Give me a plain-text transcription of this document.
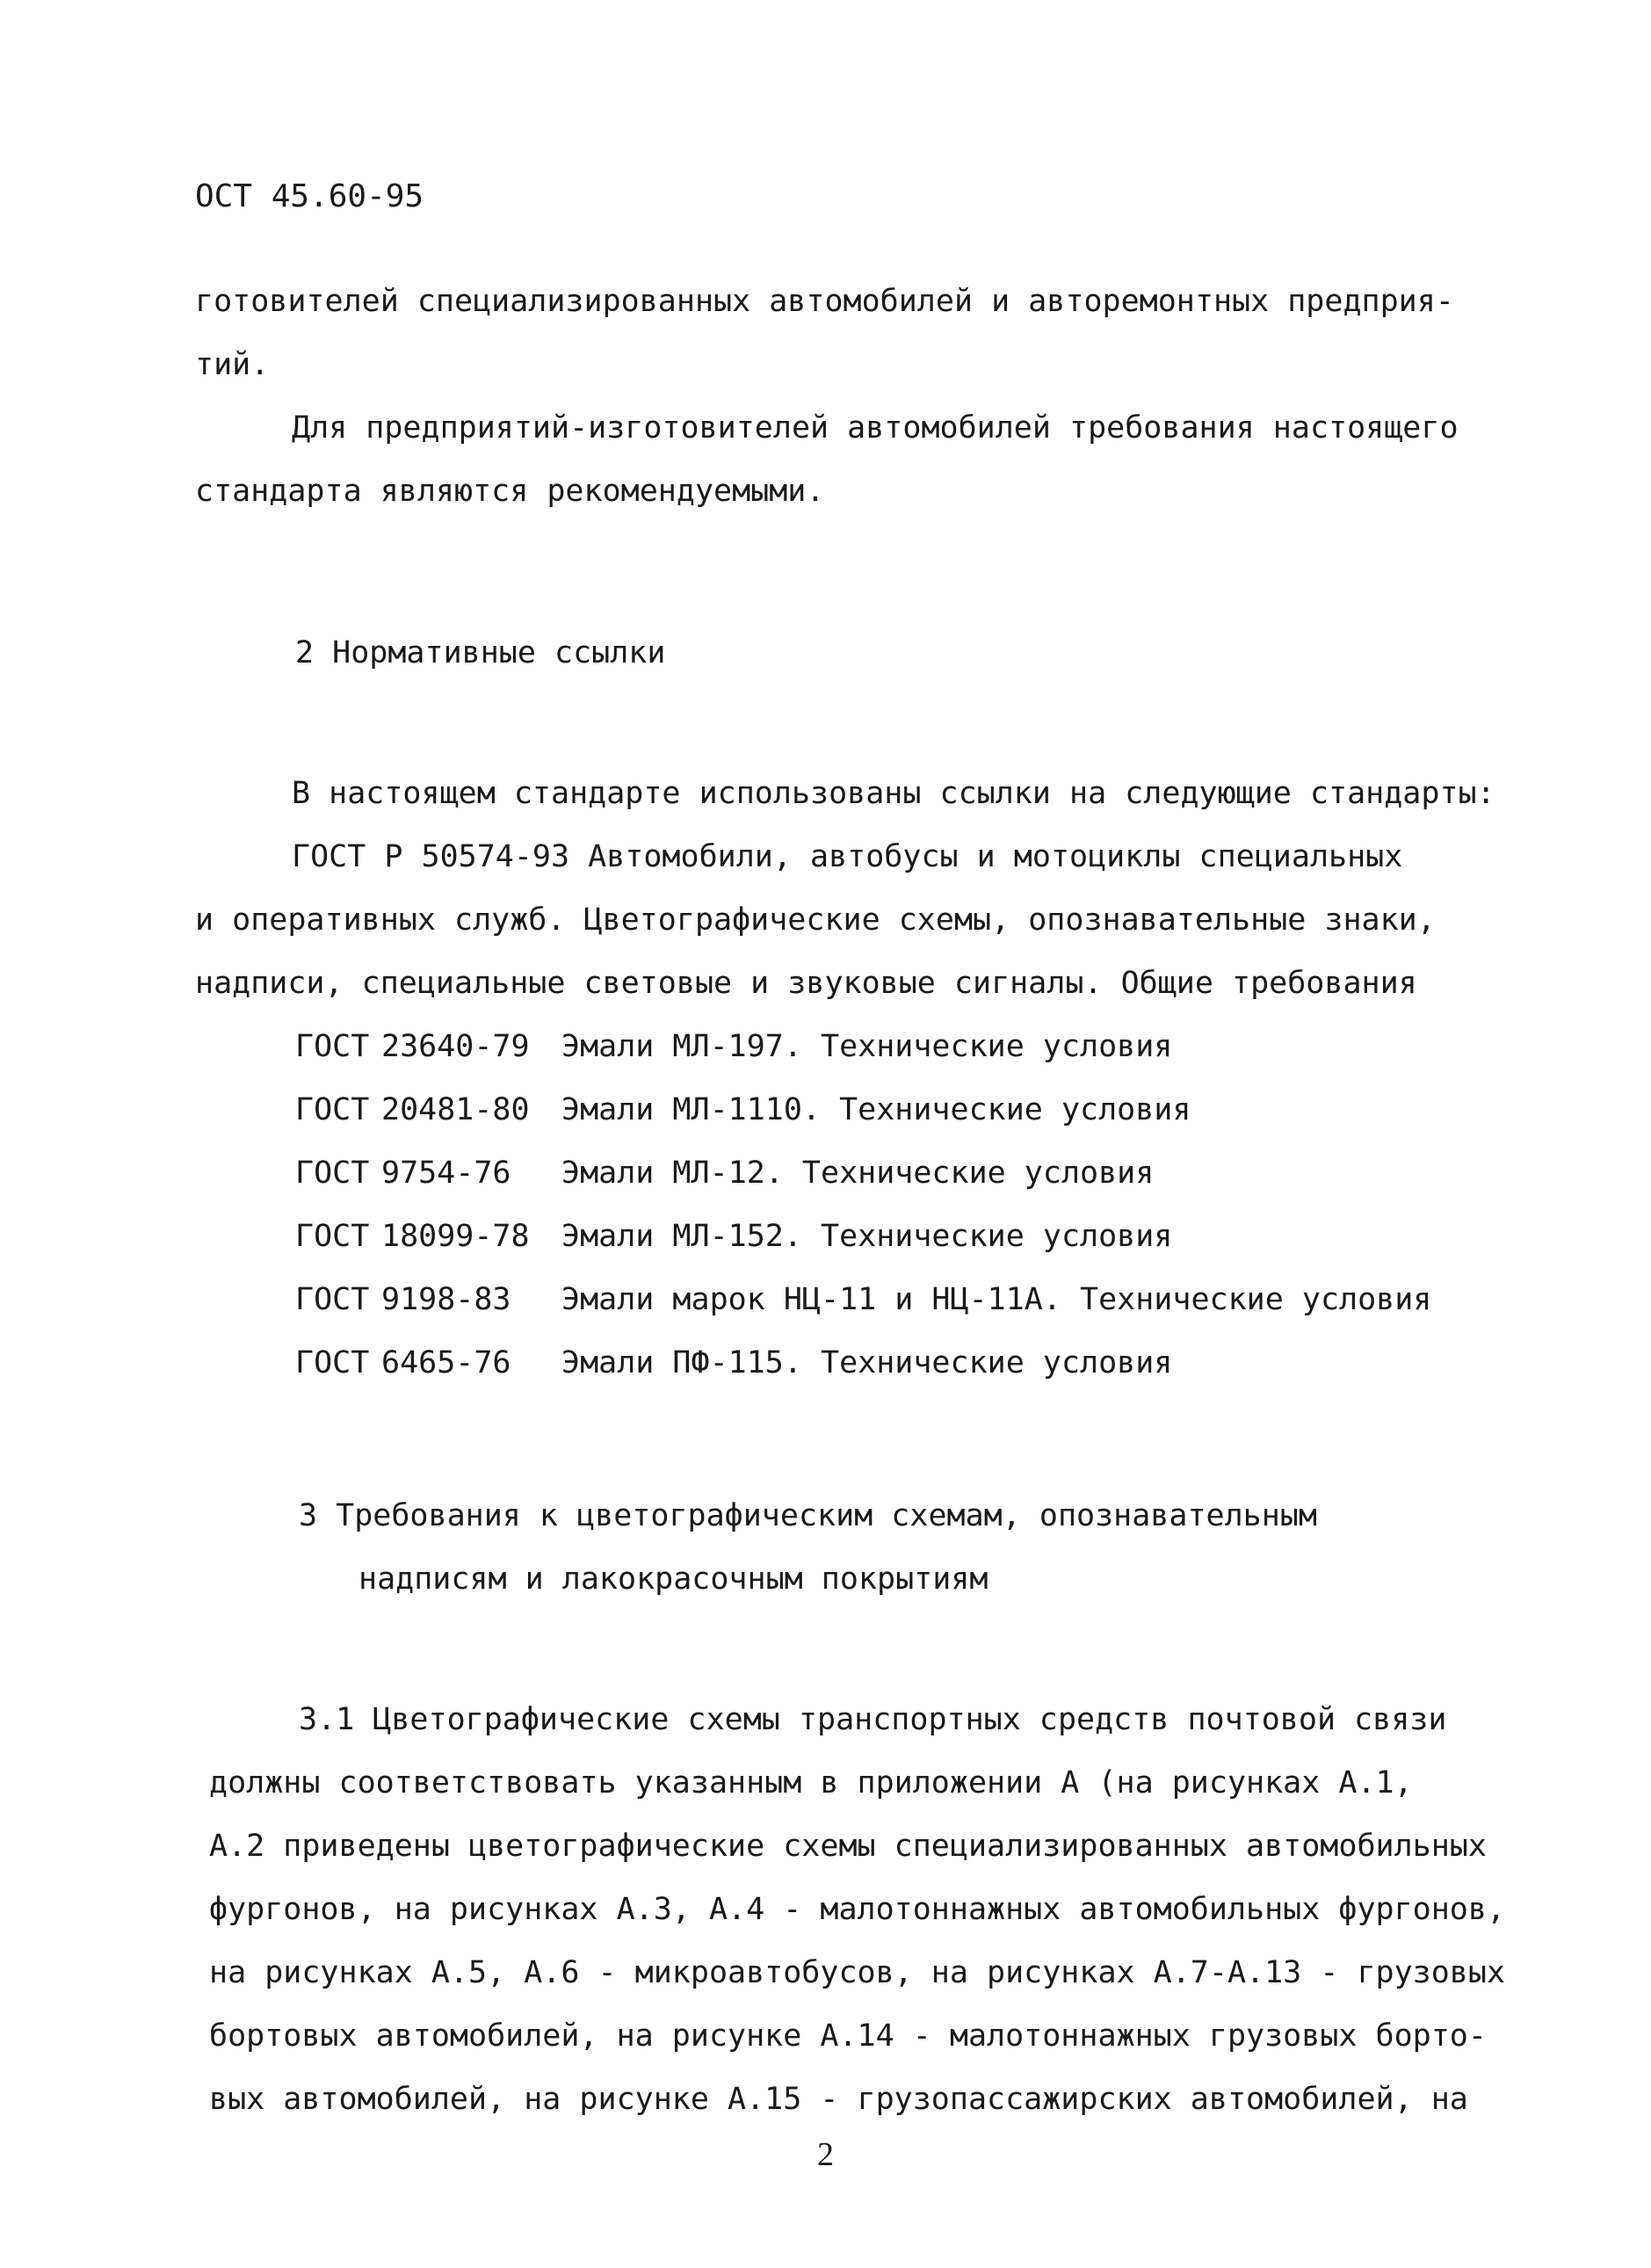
ОСТ 45.60-95
готовителей специализированных автомобилей и авторемонтных предприя-
тий.
Для предприятий-изготовителей автомобилей требования настоящего
стандарта являются рекомендуемыми.
2 Нормативные ссылки
В настоящем стандарте использованы ссылки на следующие стандарты:
ГОСТ Р 50574-93 Автомобили, автобусы и мотоциклы специальных
и оперативных служб. Цветографические схемы, опознавательные знаки,
надписи, специальные световые и звуковые сигналы. Общие требования
ГОСТ 23640-79 Эмали МЛ-197. Технические условия
ГОСТ 20481-80 Эмали МЛ-1110. Технические условия
ГОСТ 9754-76 Эмали МЛ-12. Технические условия
ГОСТ 18099-78 Эмали МЛ-152. Технические условия
ГОСТ 9198-83 Эмали марок НЦ-11 и НЦ-11А. Технические условия
ГОСТ 6465-76 Эмали ПФ-115. Технические условия
3 Требования к цветографическим схемам, опознавательным
надписям и лакокрасочным покрытиям
3.1 Цветографические схемы транспортных средств почтовой связи
должны соответствовать указанным в приложении А (на рисунках А.1,
А.2 приведены цветографические схемы специализированных автомобильных
фургонов, на рисунках А.3, А.4 - малотоннажных автомобильных фургонов,
на рисунках А.5, А.6 - микроавтобусов, на рисунках А.7-А.13 - грузовых
бортовых автомобилей, на рисунке А.14 - малотоннажных грузовых борто-
вых автомобилей, на рисунке А.15 - грузопассажирских автомобилей, на
2
